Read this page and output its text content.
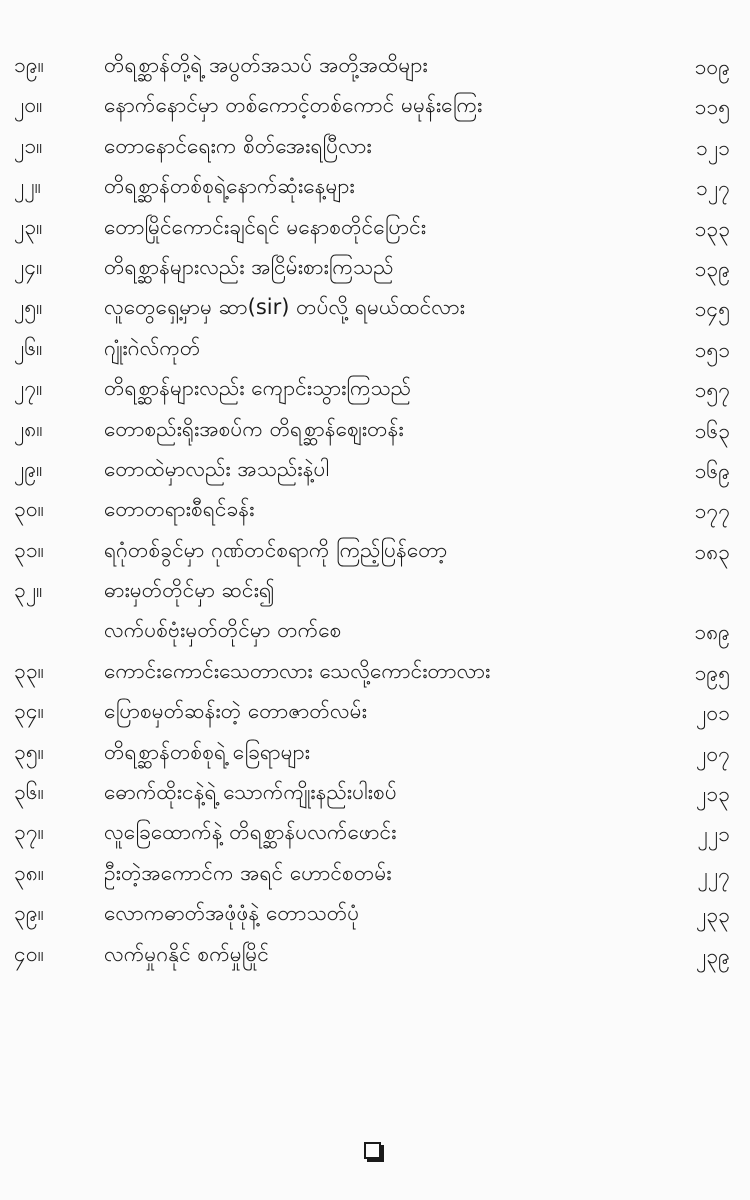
၁၉။	တိရစ္ဆာန်တို့ရဲ့ အပွတ်အသပ် အတို့အထိများ	၁၀၉
၂၀။	နောက်နောင်မှာ တစ်ကောင့်တစ်ကောင် မမုန်းကြေး	၁၁၅
၂၁။	တောနောင်ရေးက စိတ်အေးရပြီလား	၁၂၁
၂၂။	တိရစ္ဆာန်တစ်စုရဲ့နောက်ဆုံးနေ့များ	၁၂၇
၂၃။	တောမြိုင်ကောင်းချင်ရင် မနောစတိုင်ပြောင်း	၁၃၃
၂၄။	တိရစ္ဆာန်များလည်း အငြိမ်းစားကြသည်	၁၃၉
၂၅။	လူတွေရှေ့မှာမှ ဆာ(sir) တပ်လို့ ရမယ်ထင်လား	၁၄၅
၂၆။	ဂျုံးဂဲလ်ကုတ်	၁၅၁
၂၇။	တိရစ္ဆာန်များလည်း ကျောင်းသွားကြသည်	၁၅၇
၂၈။	တောစည်းရိုးအစပ်က တိရစ္ဆာန်ဈေးတန်း	၁၆၃
၂၉။	တောထဲမှာလည်း အသည်းနဲ့ပါ	၁၆၉
၃၀။	တောတရားစီရင်ခန်း	၁၇၇
၃၁။	ရဂုံတစ်ခွင်မှာ ဂုဏ်တင်စရာကို ကြည့်ပြန်တော့	၁၈၃
၃၂။	ဓားမှတ်တိုင်မှာ ဆင်း၍
လက်ပစ်ဗုံးမှတ်တိုင်မှာ တက်စေ	၁၈၉
၃၃။	ကောင်းကောင်းသေတာလား သေလို့ကောင်းတာလား	၁၉၅
၃၄။	ပြောစမှတ်ဆန်းတဲ့ တောဇာတ်လမ်း	၂၀၁
၃၅။	တိရစ္ဆာန်တစ်စုရဲ့ ခြေရာများ	၂၀၇
၃၆။	ဓောက်ထိုးငနဲ့ရဲ့ သောက်ကျိုးနည်းပါးစပ်	၂၁၃
၃၇။	လူခြေထောက်နဲ့ တိရစ္ဆာန်ပလက်ဖောင်း	၂၂၁
၃၈။	ဦးတဲ့အကောင်က အရင် ဟောင်စတမ်း	၂၂၇
၃၉။	လောကဓာတ်အဖုံဖုံနဲ့ တောသတ်ပုံ	၂၃၃
၄၀။	လက်မှုဂနိုင် စက်မှုမြိုင်	၂၃၉
